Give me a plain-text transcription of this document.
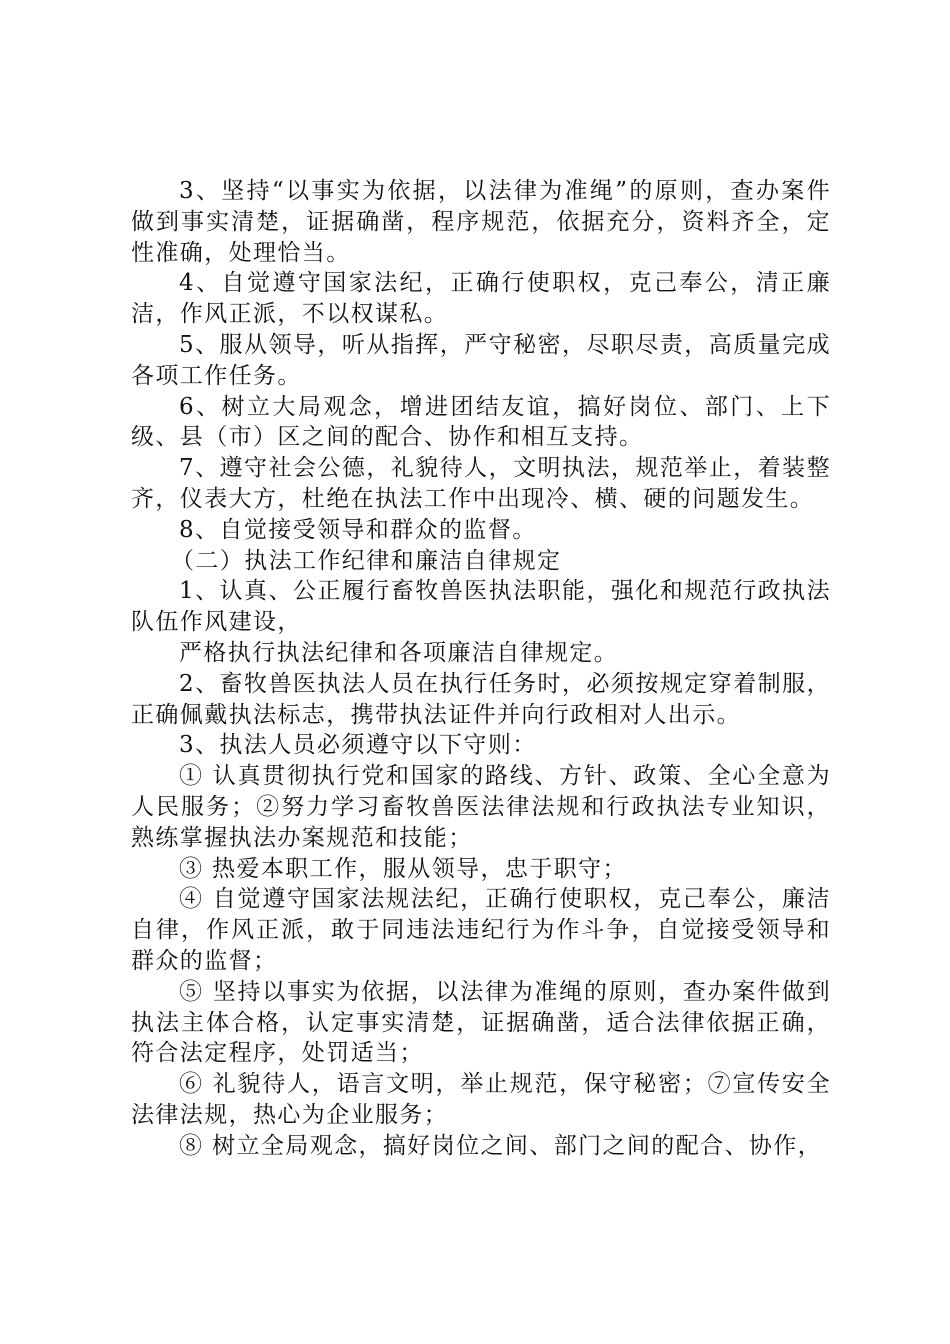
3、坚持“以事实为依据，以法律为准绳”的原则，查办案件做到事实清楚，证据确凿，程序规范，依据充分，资料齐全，定性准确，处理恰当。

4、自觉遵守国家法纪，正确行使职权，克己奉公，清正廉洁，作风正派，不以权谋私。

5、服从领导，听从指挥，严守秘密，尽职尽责，高质量完成各项工作任务。

6、树立大局观念，增进团结友谊，搞好岗位、部门、上下级、县（市）区之间的配合、协作和相互支持。

7、遵守社会公德，礼貌待人，文明执法，规范举止，着装整齐，仪表大方，杜绝在执法工作中出现冷、横、硬的问题发生。

8、自觉接受领导和群众的监督。

（二）执法工作纪律和廉洁自律规定

1、认真、公正履行畜牧兽医执法职能，强化和规范行政执法队伍作风建设，

严格执行执法纪律和各项廉洁自律规定。

2、畜牧兽医执法人员在执行任务时，必须按规定穿着制服，正确佩戴执法标志，携带执法证件并向行政相对人出示。

3、执法人员必须遵守以下守则：

① 认真贯彻执行党和国家的路线、方针、政策、全心全意为人民服务；②努力学习畜牧兽医法律法规和行政执法专业知识，熟练掌握执法办案规范和技能；

③ 热爱本职工作，服从领导，忠于职守；

④ 自觉遵守国家法规法纪，正确行使职权，克己奉公，廉洁自律，作风正派，敢于同违法违纪行为作斗争，自觉接受领导和群众的监督；

⑤ 坚持以事实为依据，以法律为准绳的原则，查办案件做到执法主体合格，认定事实清楚，证据确凿，适合法律依据正确，符合法定程序，处罚适当；

⑥ 礼貌待人，语言文明，举止规范，保守秘密；⑦宣传安全法律法规，热心为企业服务；

⑧ 树立全局观念，搞好岗位之间、部门之间的配合、协作，
